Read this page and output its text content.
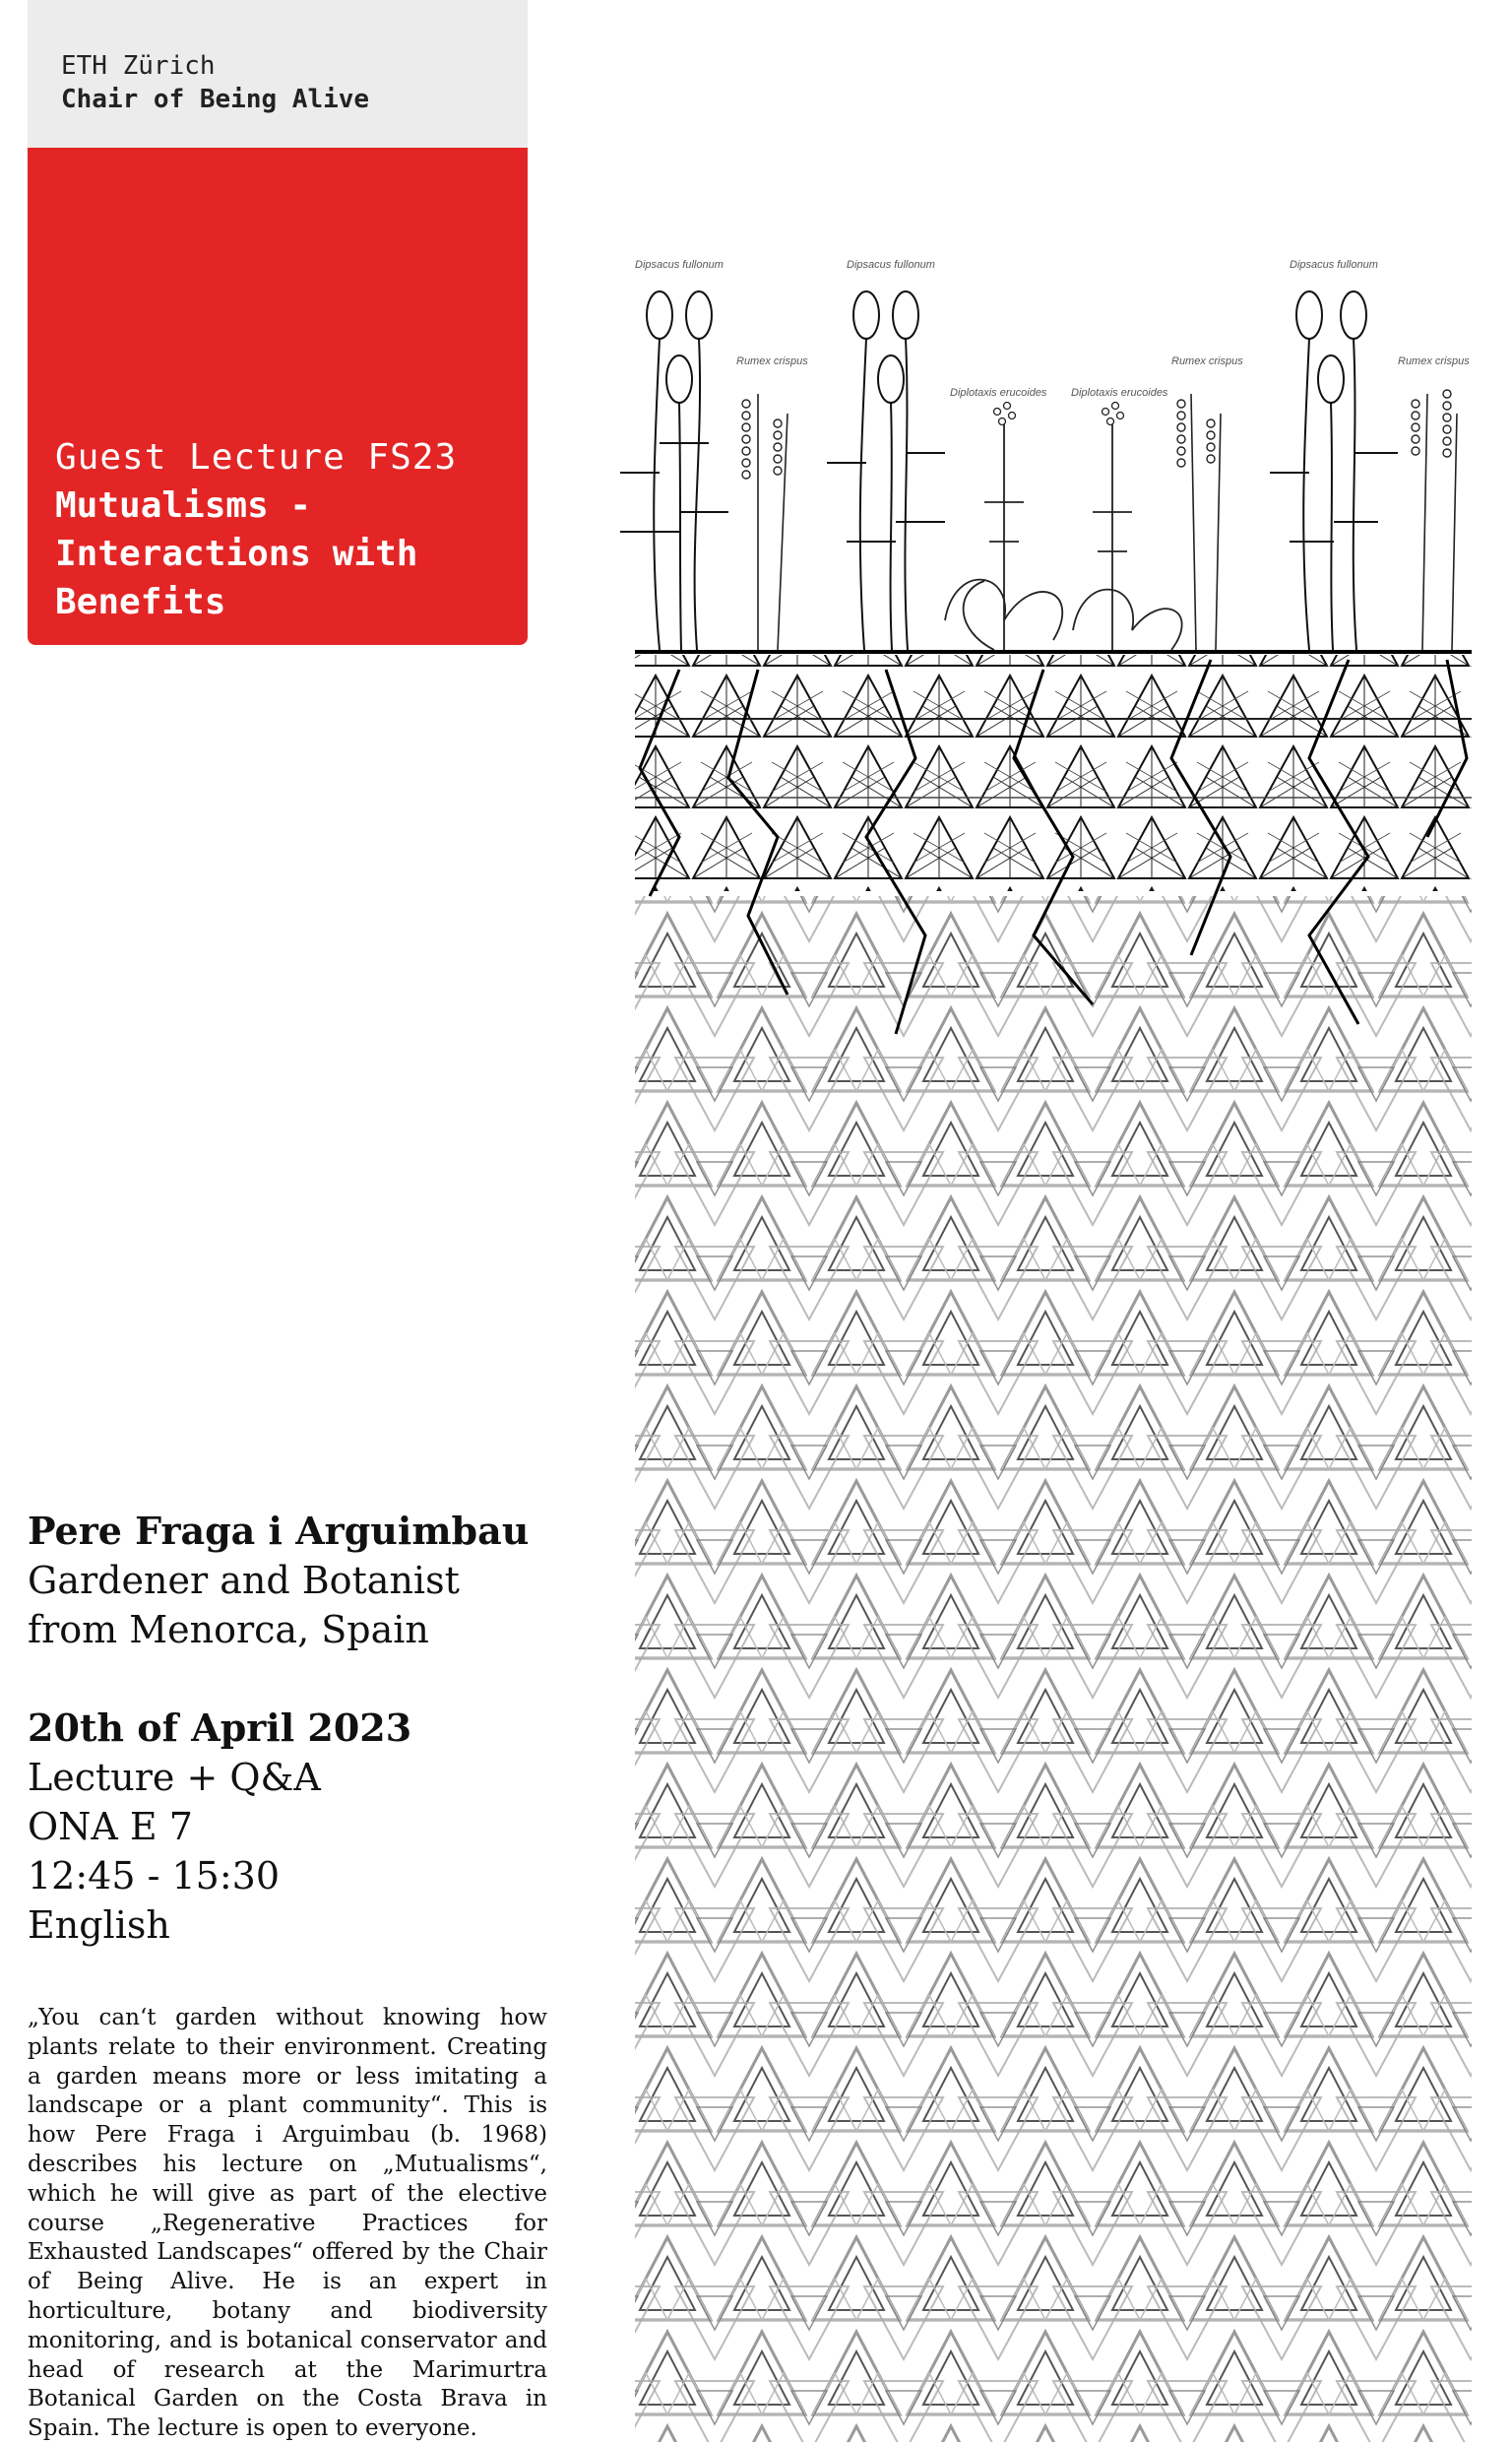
ETH Zürich
Chair of Being Alive
Guest Lecture FS23
Mutualisms -
Interactions with
Benefits
Pere Fraga i Arguimbau
Gardener and Botanist
from Menorca, Spain
20th of April 2023
Lecture + Q&A
ONA E 7
12:45 - 15:30
English
„You can‘t garden without knowing how plants relate to their environment. Creating a garden means more or less imitating a landscape or a plant community“. This is how Pere Fraga i Arguimbau (b. 1968) describes his lecture on „Mutualisms“, which he will give as part of the elective course „Regenerative Practices for Exhausted Landscapes“ offered by the Chair of Being Alive. He is an expert in horticulture, botany and biodiversity monitoring, and is botanical conservator and head of research at the Marimurtra Botanical Garden on the Costa Brava in Spain. The lecture is open to everyone.
Dipsacus fullonum	Dipsacus fullonum	Dipsacus fullonum
Rumex crispus
Diplotaxis erucoides Diplotaxis erucoides
Rumex crispus	Rumex crispus
